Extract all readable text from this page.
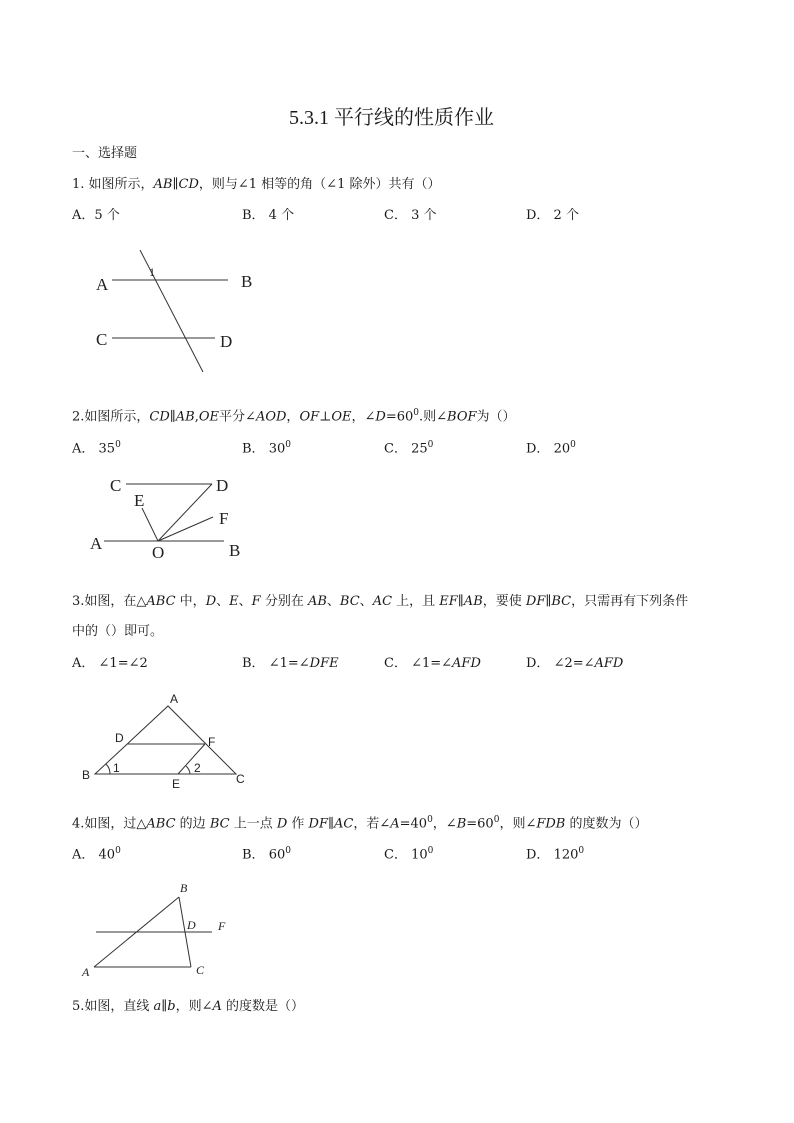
5.3.1 平行线的性质作业
一、选择题
1. 如图所示，AB∥CD，则与∠1 相等的角（∠1 除外）共有（）
A．5 个	B． 4 个	C． 3 个	D． 2 个
A	B
C	D
1
2.如图所示，CD∥AB,OE平分∠AOD，OF⊥OE，$\angle D=60^0$.则∠BOF为（）
A． $35^0$	B． $30^0$	C． $25^0$	D． $20^0$
C	D
E
F
A	O	B
3.如图，在△ABC 中，D、E、F 分别在 AB、BC、AC 上，且 EF∥AB，要使 DF∥BC，只需再有下列条件
中的（）即可。
A． ∠1=∠2	B． ∠1=∠DFE	C． ∠1=∠AFD	D． ∠2=∠AFD
A
D	F
B
E	C
1	2
4.如图，过△ABC 的边 BC 上一点 D 作 DF∥AC，若$\angle A=40^0$，$\angle B=60^0$，则∠FDB 的度数为（）
A． $40^0$	B． $60^0$	C． $10^0$	D． $120^0$
B
D F
A	C
5.如图，直线 a∥b，则∠A 的度数是（）
